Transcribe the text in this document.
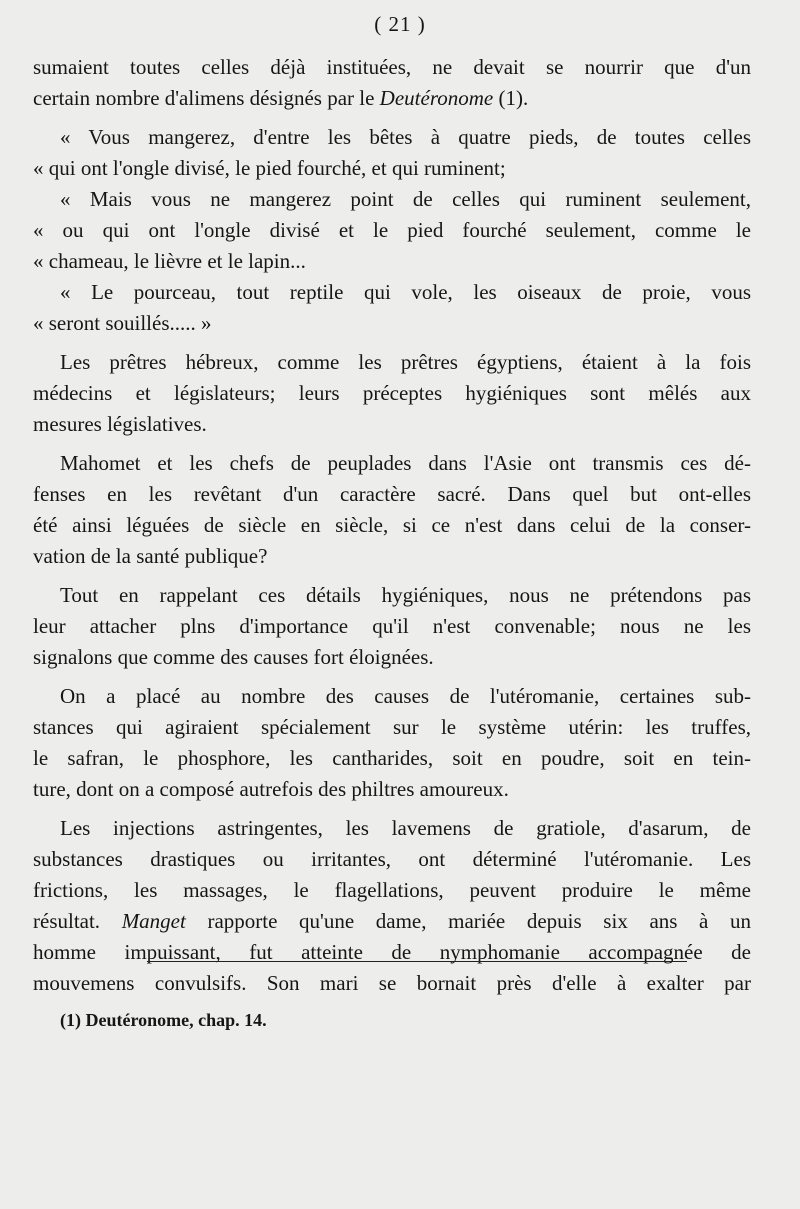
( 21 )
sumaient toutes celles déjà instituées, ne devait se nourrir que d'un
certain nombre d'alimens désignés par le Deutéronome (1).
« Vous mangerez, d'entre les bêtes à quatre pieds, de toutes celles
« qui ont l'ongle divisé, le pied fourché, et qui ruminent;
« Mais vous ne mangerez point de celles qui ruminent seulement,
« ou qui ont l'ongle divisé et le pied fourché seulement, comme le
« chameau, le lièvre et le lapin...
« Le pourceau, tout reptile qui vole, les oiseaux de proie, vous
« seront souillés..... »
Les prêtres hébreux, comme les prêtres égyptiens, étaient à la fois
médecins et législateurs; leurs préceptes hygiéniques sont mêlés aux
mesures législatives.
Mahomet et les chefs de peuplades dans l'Asie ont transmis ces dé-
fenses en les revêtant d'un caractère sacré. Dans quel but ont-elles
été ainsi léguées de siècle en siècle, si ce n'est dans celui de la conser-
vation de la santé publique?
Tout en rappelant ces détails hygiéniques, nous ne prétendons pas
leur attacher plns d'importance qu'il n'est convenable; nous ne les
signalons que comme des causes fort éloignées.
On a placé au nombre des causes de l'utéromanie, certaines sub-
stances qui agiraient spécialement sur le système utérin: les truffes,
le safran, le phosphore, les cantharides, soit en poudre, soit en tein-
ture, dont on a composé autrefois des philtres amoureux.
Les injections astringentes, les lavemens de gratiole, d'asarum, de
substances drastiques ou irritantes, ont déterminé l'utéromanie. Les
frictions, les massages, le flagellations, peuvent produire le même
résultat. Manget rapporte qu'une dame, mariée depuis six ans à un
homme impuissant, fut atteinte de nymphomanie accompagnée de
mouvemens convulsifs. Son mari se bornait près d'elle à exalter par
(1) Deutéronome, chap. 14.
